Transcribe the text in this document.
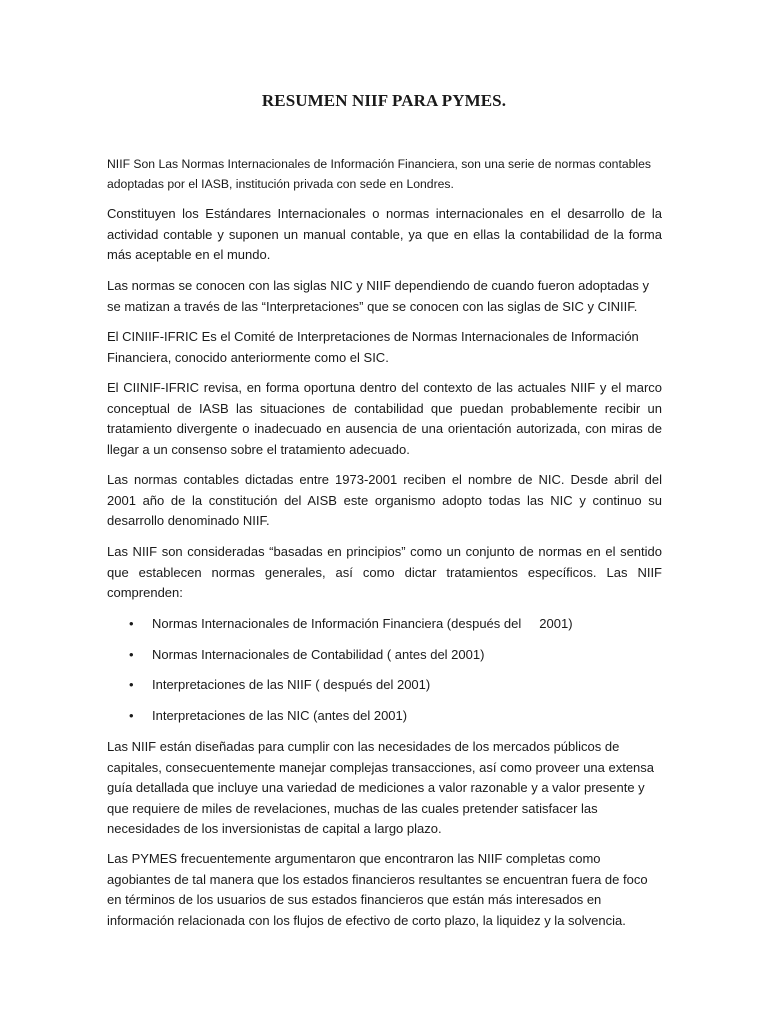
RESUMEN NIIF PARA PYMES.

NIIF Son Las Normas Internacionales de Información Financiera, son una serie de normas contables adoptadas por el IASB, institución privada con sede en Londres.

Constituyen los Estándares Internacionales o normas internacionales en el desarrollo de la actividad contable y suponen un manual contable, ya que en ellas la contabilidad de la forma más aceptable en el mundo.

Las normas se conocen con las siglas NIC y NIIF dependiendo de cuando fueron adoptadas y se matizan a través de las “Interpretaciones” que se conocen con las siglas de SIC y CINIIF.

El CINIIF-IFRIC Es el Comité de Interpretaciones de Normas Internacionales de Información Financiera, conocido anteriormente como el SIC.

El CIINIF-IFRIC revisa, en forma oportuna dentro del contexto de las actuales NIIF y el marco conceptual de IASB las situaciones de contabilidad que puedan probablemente recibir un tratamiento divergente o inadecuado en ausencia de una orientación autorizada, con miras de llegar a un consenso sobre el tratamiento adecuado.

Las normas contables dictadas entre 1973-2001 reciben el nombre de NIC. Desde abril del 2001 año de la constitución del AISB este organismo adopto todas las NIC y continuo su desarrollo denominado NIIF.

Las NIIF son consideradas “basadas en principios” como un conjunto de normas en el sentido que establecen normas generales, así como dictar tratamientos específicos. Las NIIF comprenden:

• Normas Internacionales de Información Financiera (después del     2001)
• Normas Internacionales de Contabilidad ( antes del 2001)
• Interpretaciones de las NIIF ( después del 2001)
• Interpretaciones de las NIC (antes del 2001)

Las NIIF están diseñadas para cumplir con las necesidades de los mercados públicos de capitales, consecuentemente manejar complejas transacciones, así como proveer una extensa guía detallada que incluye una variedad de mediciones a valor razonable y a valor presente y que requiere de miles de revelaciones, muchas de las cuales pretender satisfacer las necesidades de los inversionistas de capital a largo plazo.

Las PYMES frecuentemente argumentaron que encontraron las NIIF completas como agobiantes de tal manera que los estados financieros resultantes se encuentran fuera de foco en términos de los usuarios de sus estados financieros que están más interesados en información relacionada con los flujos de efectivo de corto plazo, la liquidez y la solvencia.
